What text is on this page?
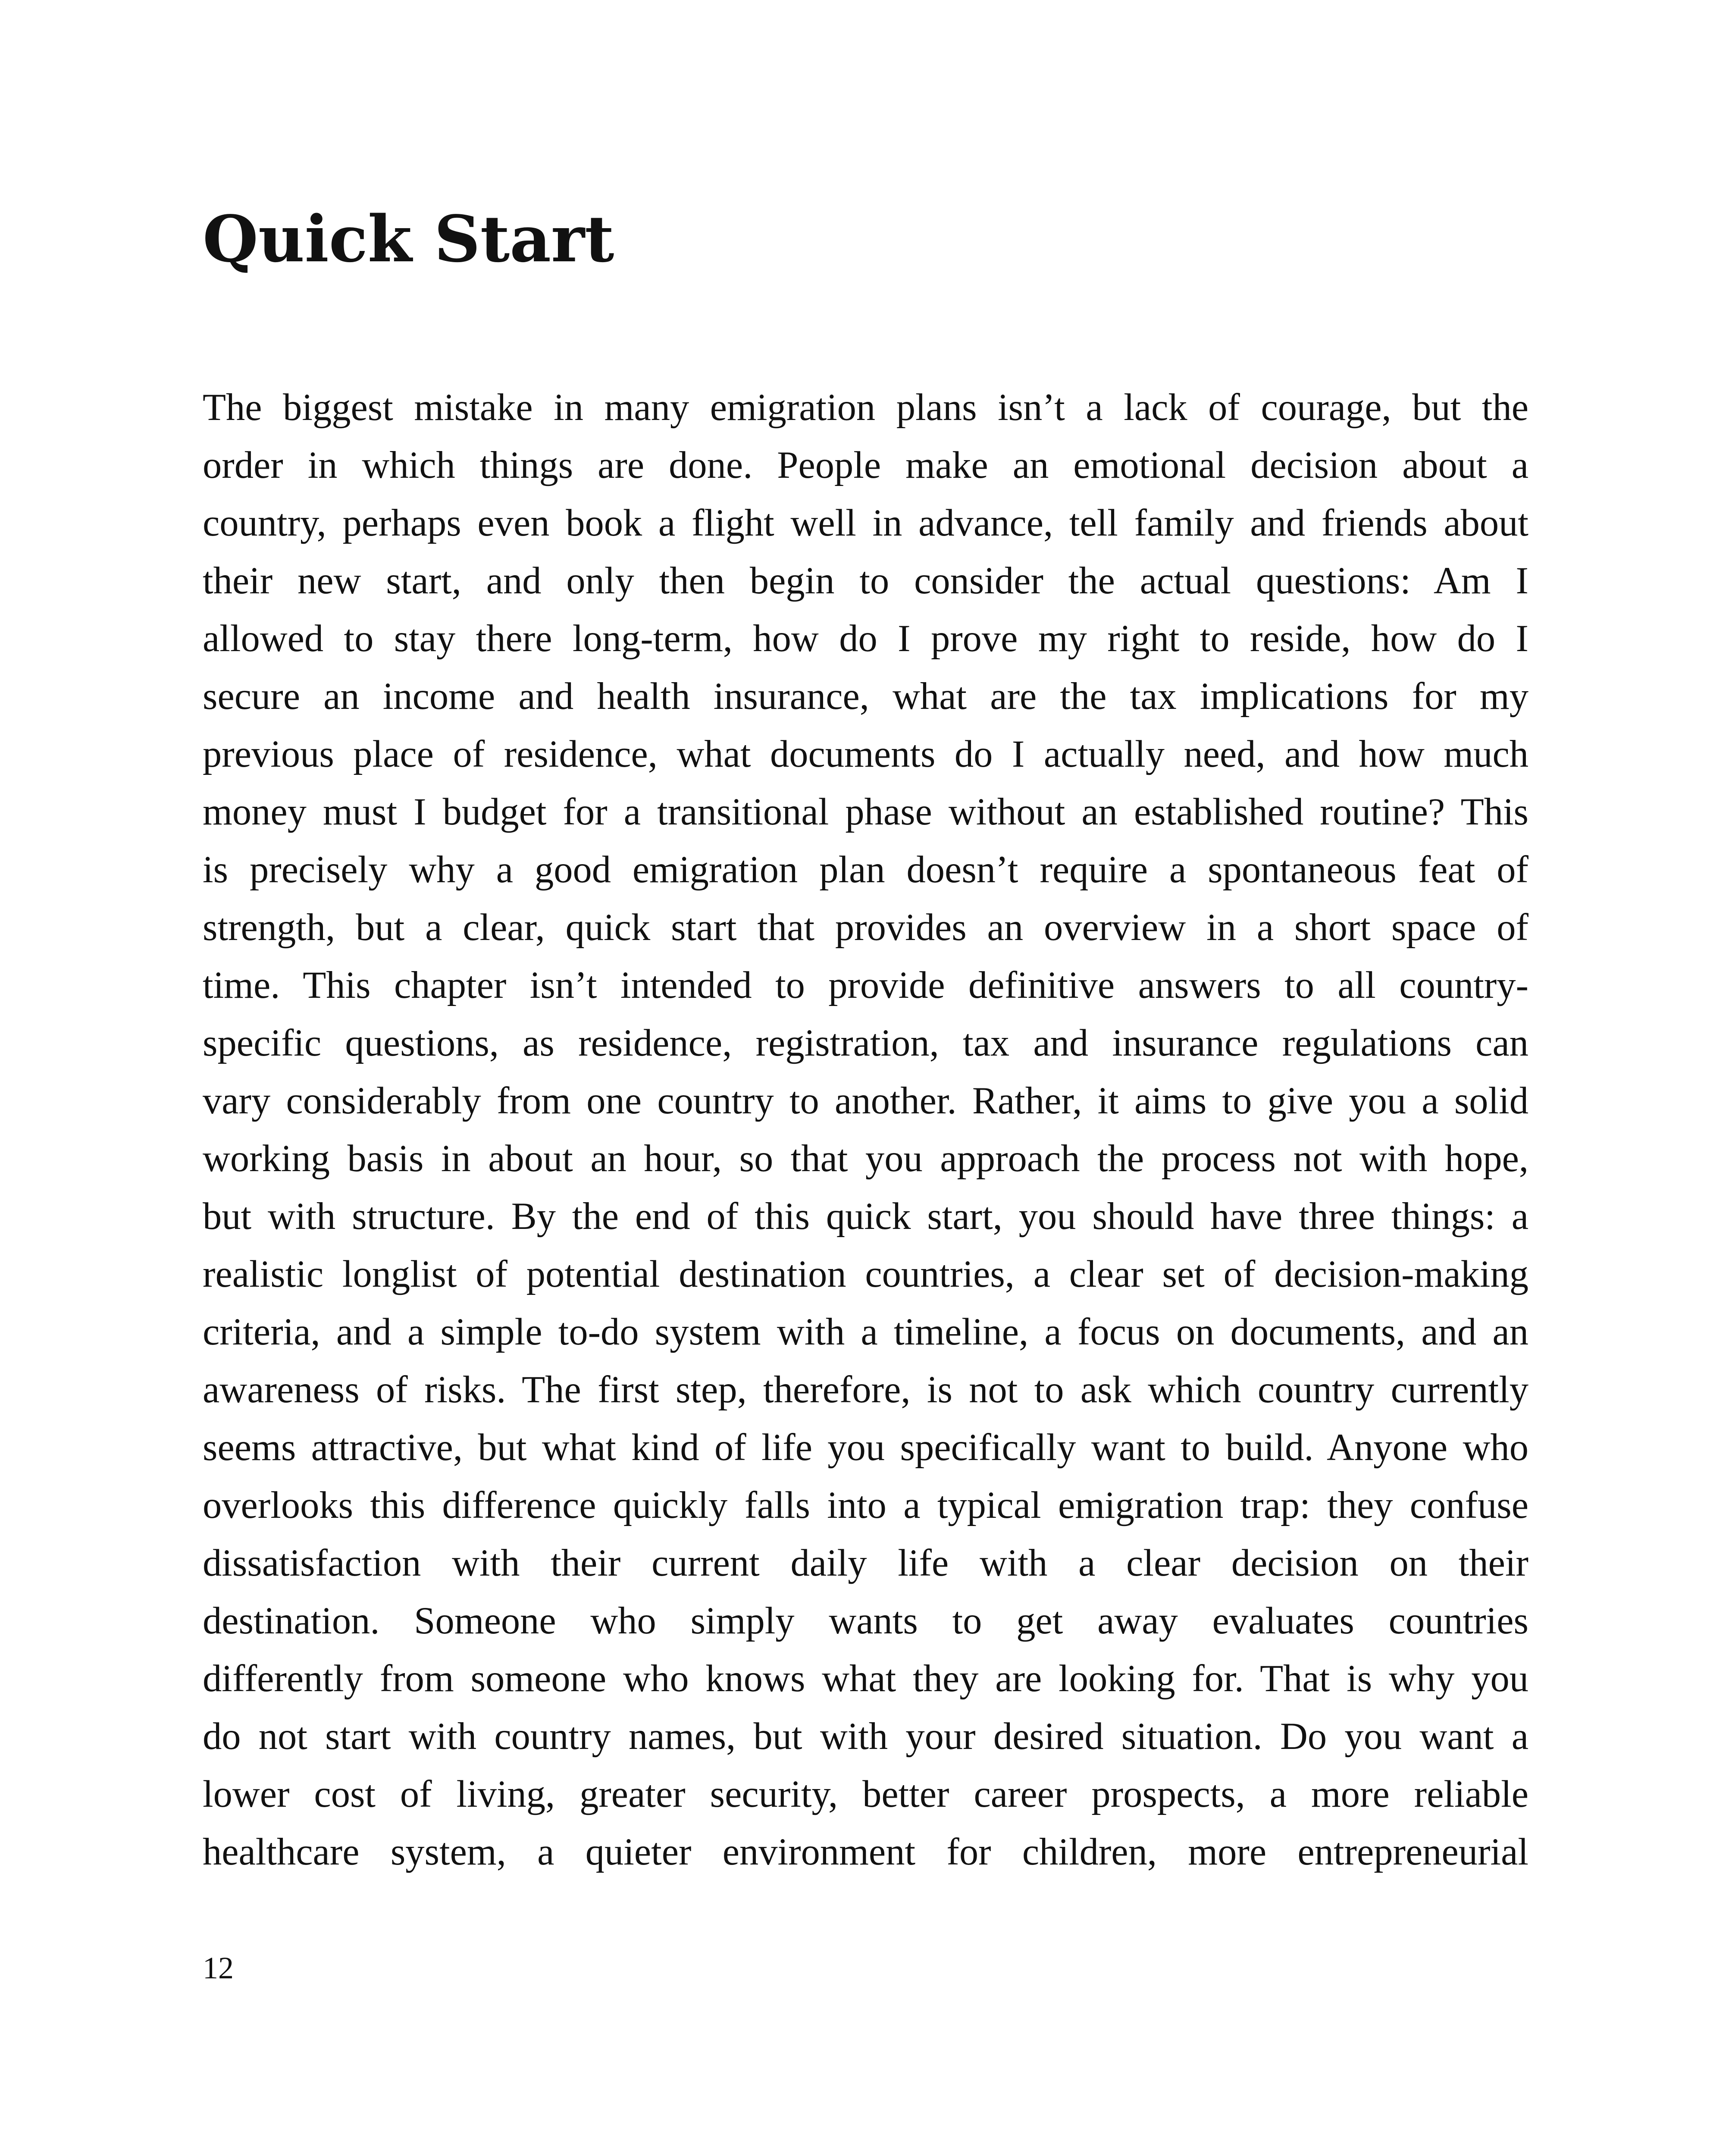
Quick Start
The biggest mistake in many emigration plans isn’t a lack of courage, but the
order in which things are done. People make an emotional decision about a
country, perhaps even book a flight well in advance, tell family and friends about
their new start, and only then begin to consider the actual questions: Am I
allowed to stay there long-term, how do I prove my right to reside, how do I
secure an income and health insurance, what are the tax implications for my
previous place of residence, what documents do I actually need, and how much
money must I budget for a transitional phase without an established routine? This
is precisely why a good emigration plan doesn’t require a spontaneous feat of
strength, but a clear, quick start that provides an overview in a short space of
time. This chapter isn’t intended to provide definitive answers to all country-
specific questions, as residence, registration, tax and insurance regulations can
vary considerably from one country to another. Rather, it aims to give you a solid
working basis in about an hour, so that you approach the process not with hope,
but with structure. By the end of this quick start, you should have three things: a
realistic longlist of potential destination countries, a clear set of decision-making
criteria, and a simple to-do system with a timeline, a focus on documents, and an
awareness of risks. The first step, therefore, is not to ask which country currently
seems attractive, but what kind of life you specifically want to build. Anyone who
overlooks this difference quickly falls into a typical emigration trap: they confuse
dissatisfaction with their current daily life with a clear decision on their
destination. Someone who simply wants to get away evaluates countries
differently from someone who knows what they are looking for. That is why you
do not start with country names, but with your desired situation. Do you want a
lower cost of living, greater security, better career prospects, a more reliable
healthcare system, a quieter environment for children, more entrepreneurial
12
